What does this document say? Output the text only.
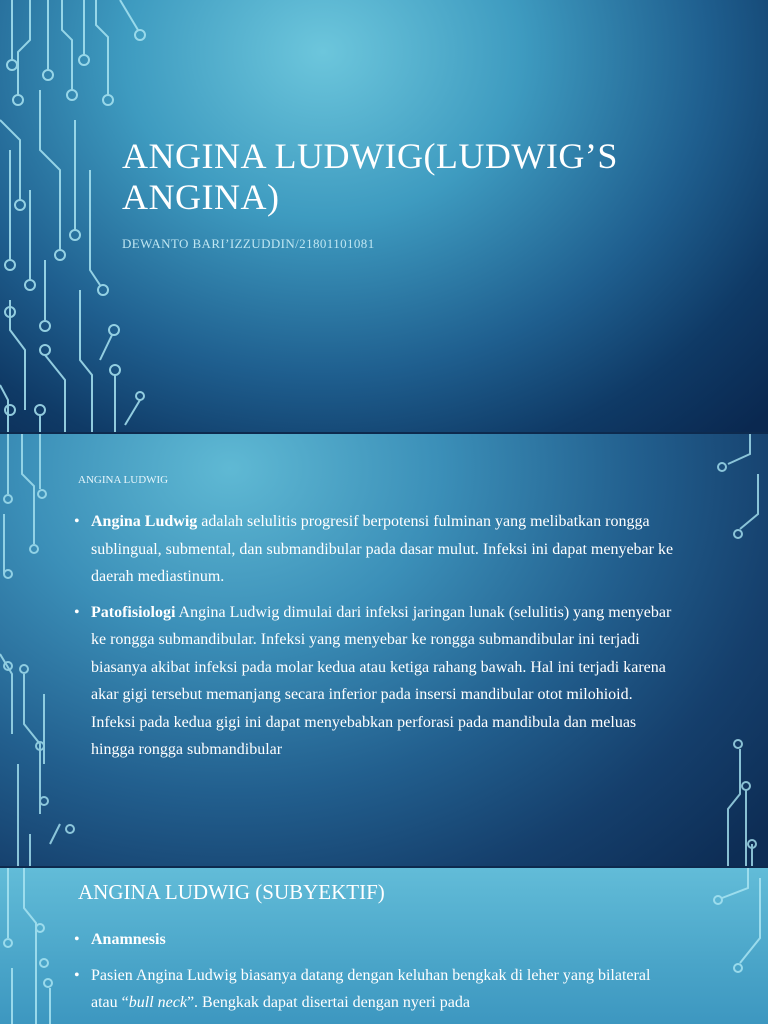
ANGINA LUDWIG(LUDWIG’S ANGINA)
DEWANTO BARI’IZZUDDIN/21801101081
ANGINA LUDWIG
• Angina Ludwig adalah selulitis progresif berpotensi fulminan yang melibatkan rongga sublingual, submental, dan submandibular pada dasar mulut. Infeksi ini dapat menyebar ke daerah mediastinum.
• Patofisiologi Angina Ludwig dimulai dari infeksi jaringan lunak (selulitis) yang menyebar ke rongga submandibular. Infeksi yang menyebar ke rongga submandibular ini terjadi biasanya akibat infeksi pada molar kedua atau ketiga rahang bawah. Hal ini terjadi karena akar gigi tersebut memanjang secara inferior pada insersi mandibular otot milohioid. Infeksi pada kedua gigi ini dapat menyebabkan perforasi pada mandibula dan meluas hingga rongga submandibular
ANGINA LUDWIG (SUBYEKTIF)
• Anamnesis
• Pasien Angina Ludwig biasanya datang dengan keluhan bengkak di leher yang bilateral atau “bull neck”. Bengkak dapat disertai dengan nyeri pada
